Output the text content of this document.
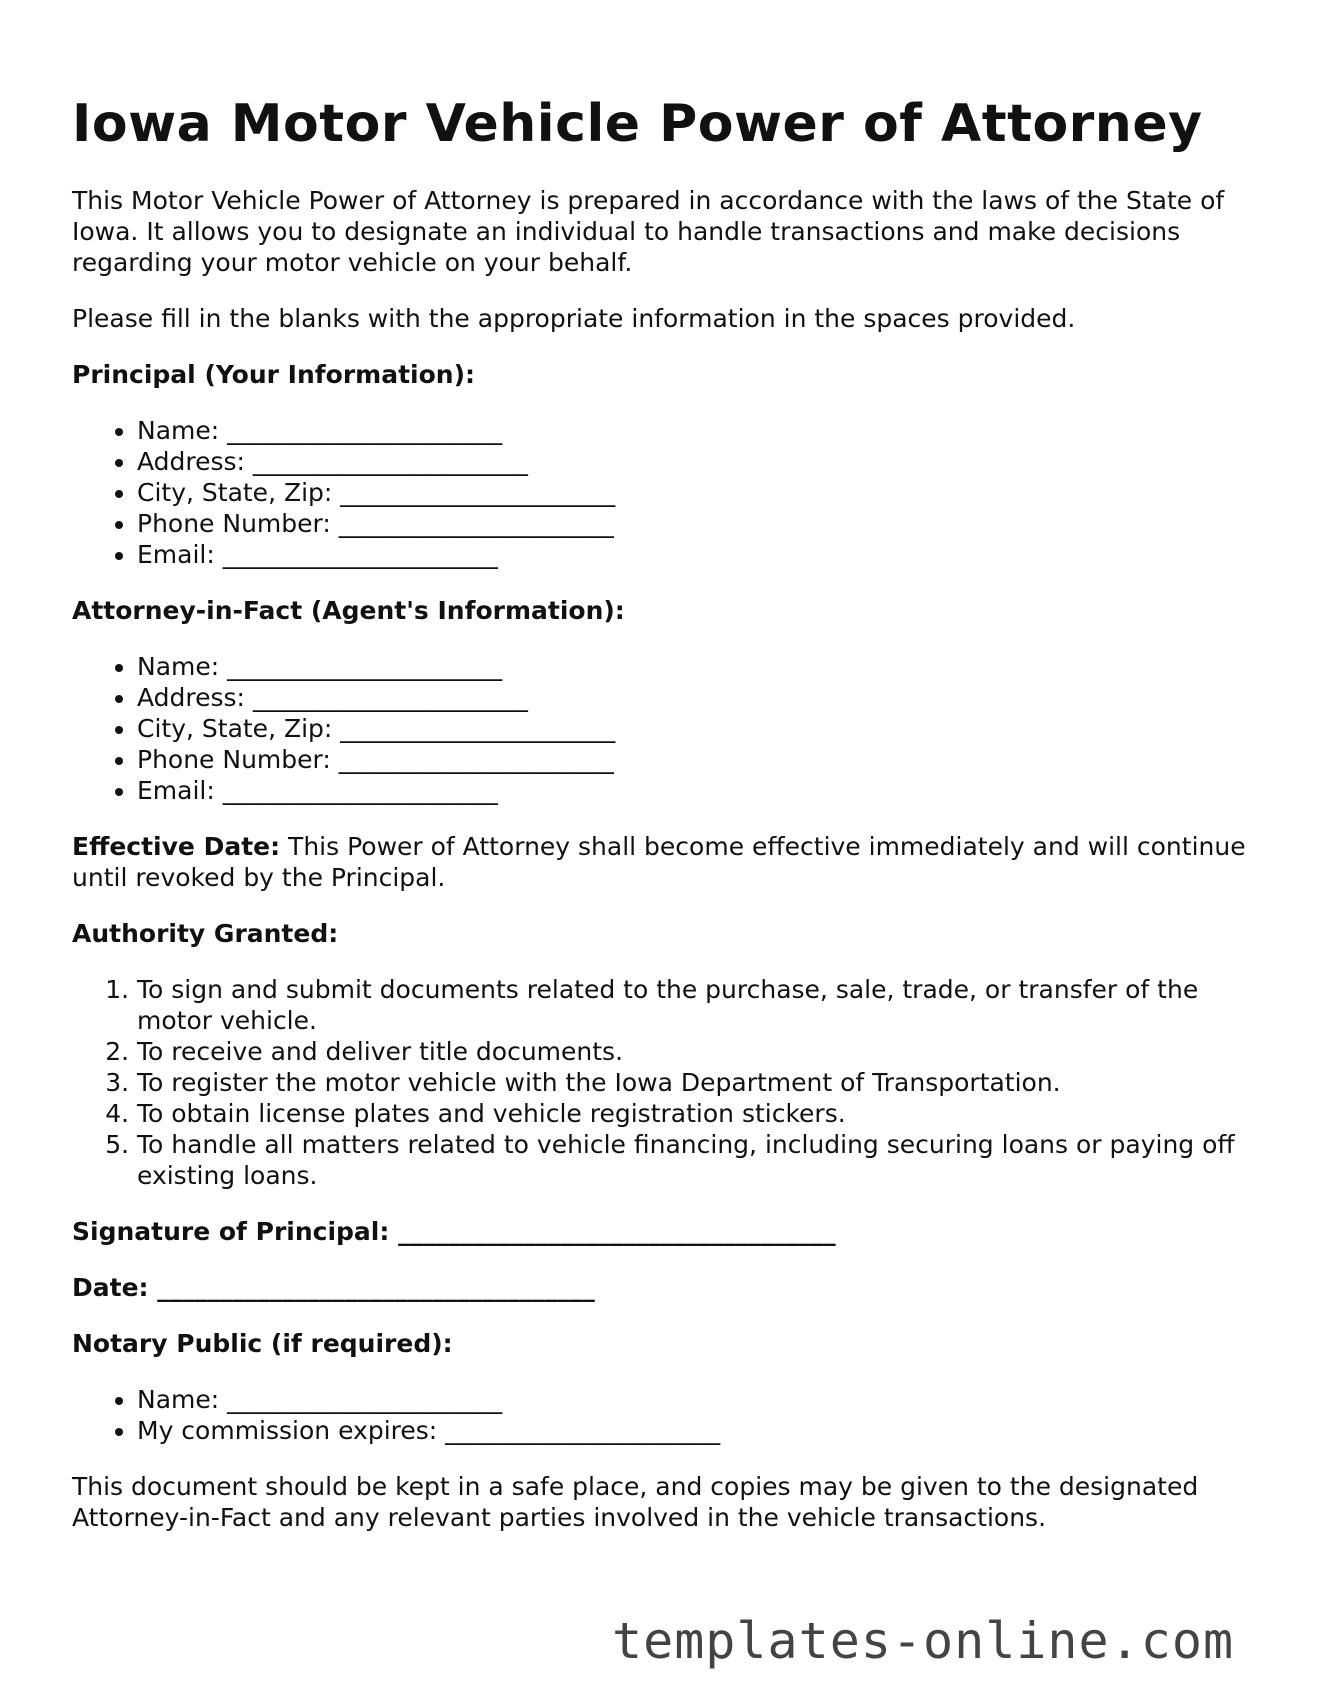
Iowa Motor Vehicle Power of Attorney

This Motor Vehicle Power of Attorney is prepared in accordance with the laws of the State of Iowa. It allows you to designate an individual to handle transactions and make decisions regarding your motor vehicle on your behalf.

Please fill in the blanks with the appropriate information in the spaces provided.

Principal (Your Information):

• Name: ______________________
• Address: ______________________
• City, State, Zip: ______________________
• Phone Number: ______________________
• Email: ______________________

Attorney-in-Fact (Agent's Information):

• Name: ______________________
• Address: ______________________
• City, State, Zip: ______________________
• Phone Number: ______________________
• Email: ______________________

Effective Date: This Power of Attorney shall become effective immediately and will continue until revoked by the Principal.

Authority Granted:

1. To sign and submit documents related to the purchase, sale, trade, or transfer of the motor vehicle.
2. To receive and deliver title documents.
3. To register the motor vehicle with the Iowa Department of Transportation.
4. To obtain license plates and vehicle registration stickers.
5. To handle all matters related to vehicle financing, including securing loans or paying off existing loans.

Signature of Principal: ___________________________________

Date: ___________________________________

Notary Public (if required):

• Name: ______________________
• My commission expires: ______________________

This document should be kept in a safe place, and copies may be given to the designated Attorney-in-Fact and any relevant parties involved in the vehicle transactions.

templates-online.com
